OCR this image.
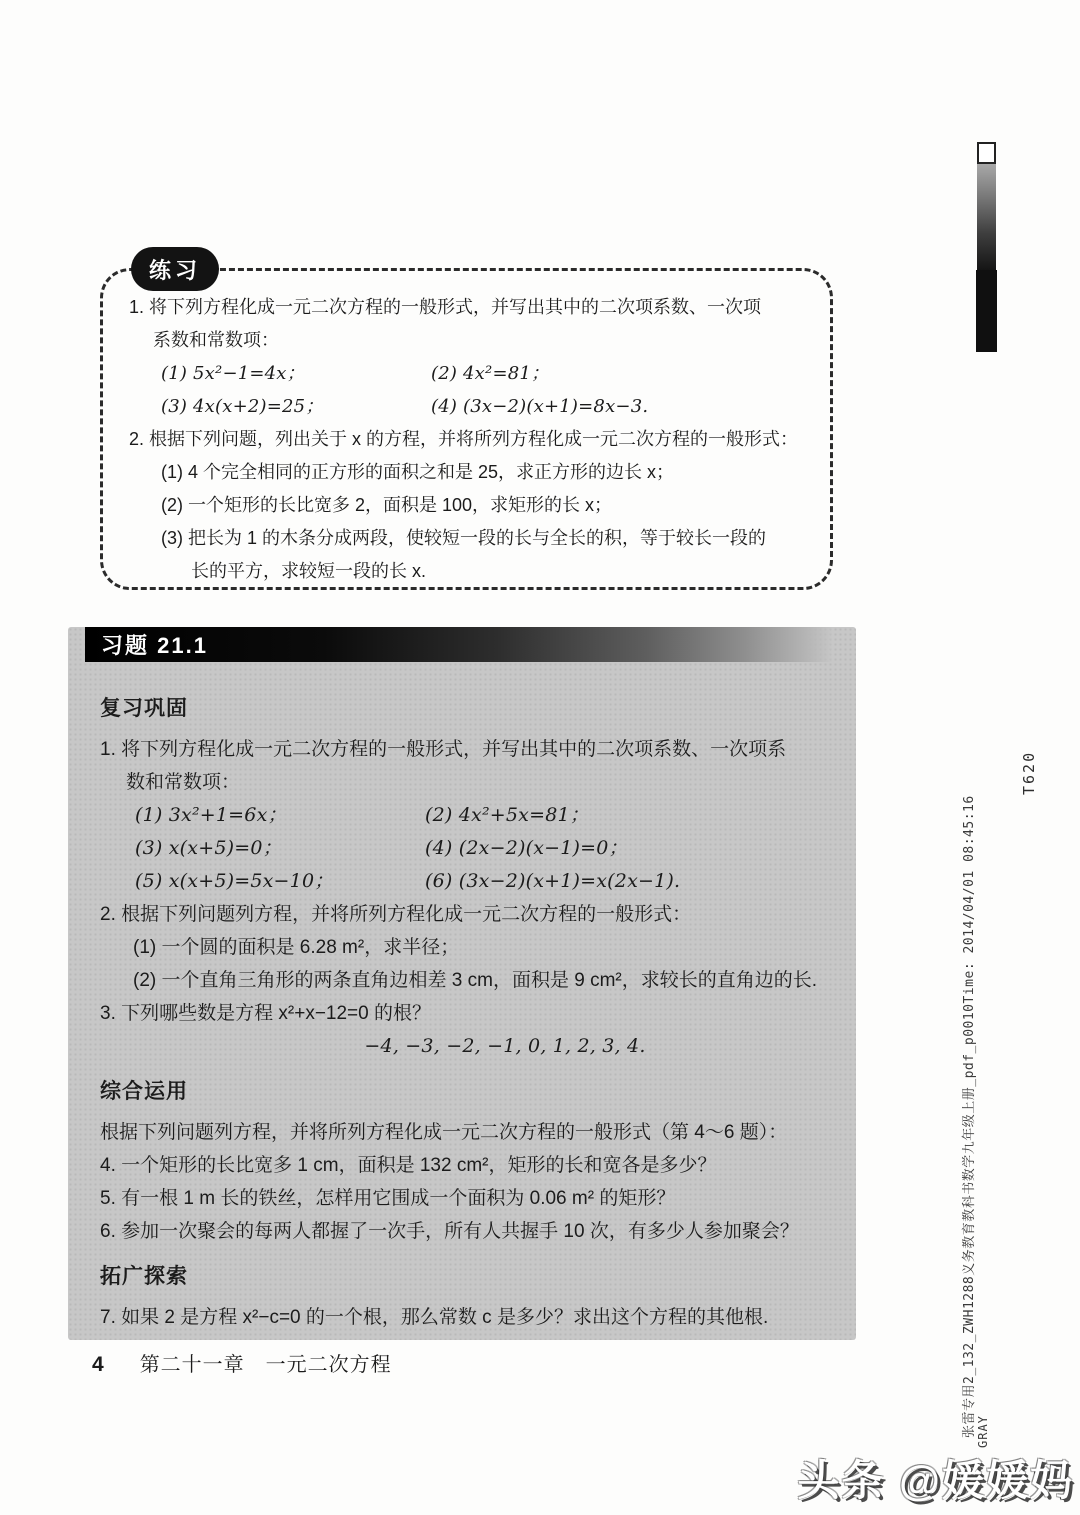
练习
1. 将下列方程化成一元二次方程的一般形式，并写出其中的二次项系数、一次项
系数和常数项：
(1) 5x²−1=4x；	(2) 4x²=81；
(3) 4x(x+2)=25；	(4) (3x−2)(x+1)=8x−3.
2. 根据下列问题，列出关于 x 的方程，并将所列方程化成一元二次方程的一般形式：
(1) 4 个完全相同的正方形的面积之和是 25，求正方形的边长 x；
(2) 一个矩形的长比宽多 2，面积是 100，求矩形的长 x；
(3) 把长为 1 的木条分成两段，使较短一段的长与全长的积，等于较长一段的
长的平方，求较短一段的长 x.
习题 21.1
复习巩固
1. 将下列方程化成一元二次方程的一般形式，并写出其中的二次项系数、一次项系
数和常数项：
(1) 3x²+1=6x；	(2) 4x²+5x=81；
(3) x(x+5)=0；	(4) (2x−2)(x−1)=0；
(5) x(x+5)=5x−10；	(6) (3x−2)(x+1)=x(2x−1).
2. 根据下列问题列方程，并将所列方程化成一元二次方程的一般形式：
(1) 一个圆的面积是 6.28 m²，求半径；
(2) 一个直角三角形的两条直角边相差 3 cm，面积是 9 cm²，求较长的直角边的长.
3. 下列哪些数是方程 x²+x−12=0 的根？
−4, −3, −2, −1, 0, 1, 2, 3, 4.
综合运用
根据下列问题列方程，并将所列方程化成一元二次方程的一般形式（第 4～6 题）：
4. 一个矩形的长比宽多 1 cm，面积是 132 cm²，矩形的长和宽各是多少？
5. 有一根 1 m 长的铁丝，怎样用它围成一个面积为 0.06 m² 的矩形？
6. 参加一次聚会的每两人都握了一次手，所有人共握手 10 次，有多少人参加聚会？
拓广探索
7. 如果 2 是方程 x²−c=0 的一个根，那么常数 c 是多少？求出这个方程的其他根.
4 第二十一章　一元二次方程
T620
张雷专用2_132_ZWH1288义务教育教科书数学九年级上册_pdf_p0010Time: 2014/04/01 08:45:16 GRAY
头条 @媛媛妈
